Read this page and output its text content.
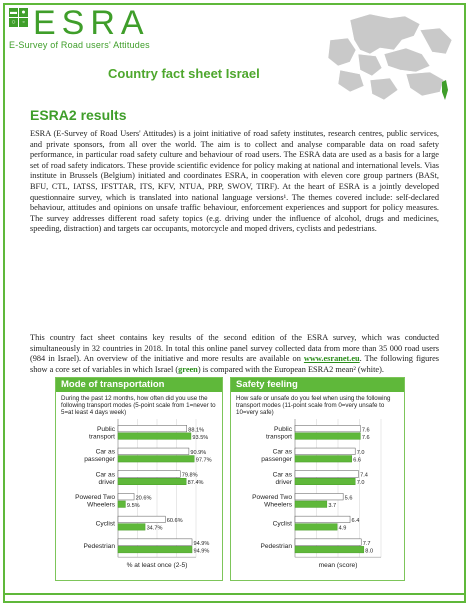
▬ ●
○ ◦ ESRA
E-Survey of Road users' Attitudes
Country fact sheet Israel
ESRA2 results
ESRA (E-Survey of Road Users' Attitudes) is a joint initiative of road safety institutes, research centres, public services, and private sponsors, from all over the world. The aim is to collect and analyse comparable data on road safety performance, in particular road safety culture and behaviour of road users. The ESRA data are used as a basis for a large set of road safety indicators. These provide scientific evidence for policy making at national and international levels. Vias institute in Brussels (Belgium) initiated and coordinates ESRA, in cooperation with eleven core group partners (BASt, BFU, CTL, IATSS, IFSTTAR, ITS, KFV, NTUA, PRP, SWOV, TIRF). At the heart of ESRA is a jointly developed questionnaire survey, which is translated into national language versions¹. The themes covered include: self-declared behaviour, attitudes and opinions on unsafe traffic behaviour, enforcement experiences and support for policy measures. The survey addresses different road safety topics (e.g. driving under the influence of alcohol, drugs and medicines, speeding, distraction) and targets car occupants, motorcycle and moped drivers, cyclists and pedestrians.
This country fact sheet contains key results of the second edition of the ESRA survey, which was conducted simultaneously in 32 countries in 2018. In total this online panel survey collected data from more than 35 000 road users (984 in Israel). An overview of the initiative and more results are available on www.esranet.eu. The following figures show a core set of variables in which Israel (green) is compared with the European ESRA2 mean² (white).
Mode of transportation
During the past 12 months, how often did you use the following transport modes (5-point scale from 1=never to 5=at least 4 days week)
Public
transport
88.1%
93.5%
Car as
passenger
90.9%
97.7%
Car as
driver
79.8%
87.4%
Powered Two
Wheelers
20.6%
9.5%
Cyclist	60.6%
34.7%
Pedestrian	94.9%
94.9%
% at least once (2-5)
Safety feeling
How safe or unsafe do you feel when using the following transport modes (11-point scale from 0=very unsafe to 10=very safe)
Public
transport
7.6
7.6
Car as
passenger
7.0
6.6
Car as
driver
7.4
7.0
Powered Two
Wheelers
5.6
3.7
Cyclist	6.4
4.9
Pedestrian	7.7
8.0
mean (score)
